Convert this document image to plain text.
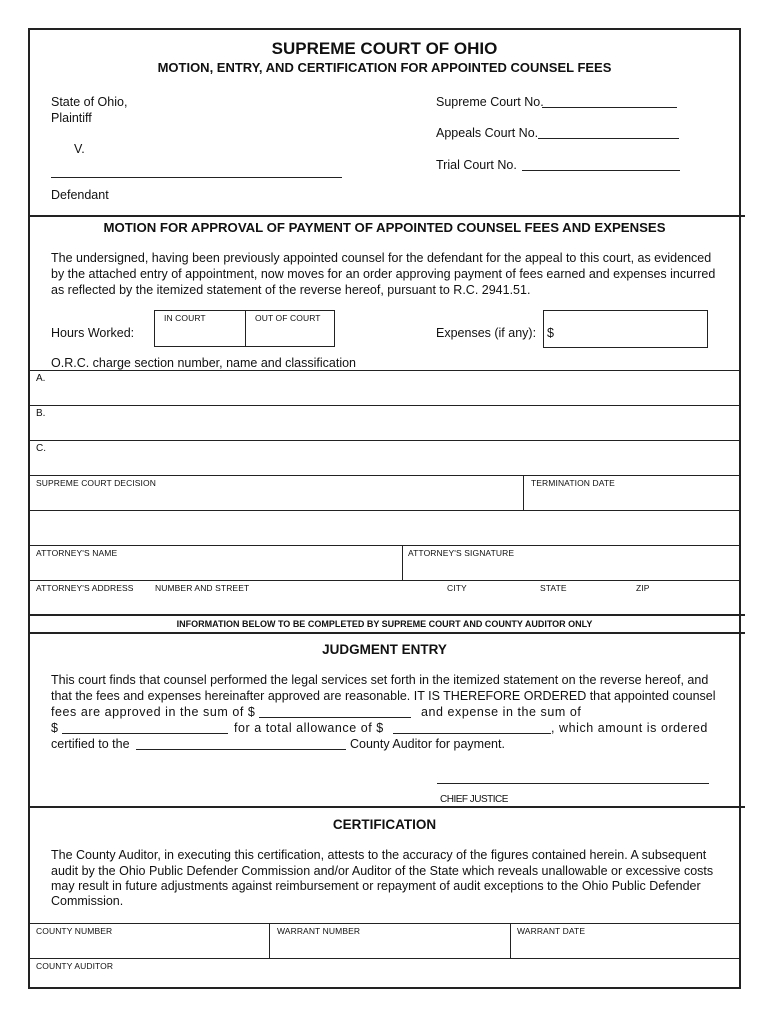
SUPREME COURT OF OHIO
MOTION, ENTRY, AND CERTIFICATION FOR APPOINTED COUNSEL FEES
State of Ohio,
Plaintiff
V.
Defendant
Supreme Court No.
Appeals Court No.
Trial Court No.
MOTION FOR APPROVAL OF PAYMENT OF APPOINTED COUNSEL FEES AND EXPENSES
The undersigned, having been previously appointed counsel for the defendant for the appeal to this court, as evidenced
by the attached entry of appointment, now moves for an order approving payment of fees earned and expenses incurred
as reflected by the itemized statement of the reverse hereof, pursuant to R.C. 2941.51.
Hours Worked:
IN COURT	OUT OF COURT
Expenses (if any): $
O.R.C. charge section number, name and classification
A.
B.
C.
SUPREME COURT DECISION	TERMINATION DATE
ATTORNEY'S NAME	ATTORNEY'S SIGNATURE
ATTORNEY'S ADDRESS	NUMBER AND STREET	CITY	STATE	ZIP
INFORMATION BELOW TO BE COMPLETED BY SUPREME COURT AND COUNTY AUDITOR ONLY
JUDGMENT ENTRY
This court finds that counsel performed the legal services set forth in the itemized statement on the reverse hereof, and
that the fees and expenses hereinafter approved are reasonable. IT IS THEREFORE ORDERED that appointed counsel
fees are approved in the sum of $	and expense in the sum of
$	for a total allowance of $	, which amount is ordered
certified to the	County Auditor for payment.
CHIEF JUSTICE
CERTIFICATION
The County Auditor, in executing this certification, attests to the accuracy of the figures contained herein. A subsequent
audit by the Ohio Public Defender Commission and/or Auditor of the State which reveals unallowable or excessive costs
may result in future adjustments against reimbursement or repayment of audit exceptions to the Ohio Public Defender
Commission.
COUNTY NUMBER	WARRANT NUMBER	WARRANT DATE
COUNTY AUDITOR
